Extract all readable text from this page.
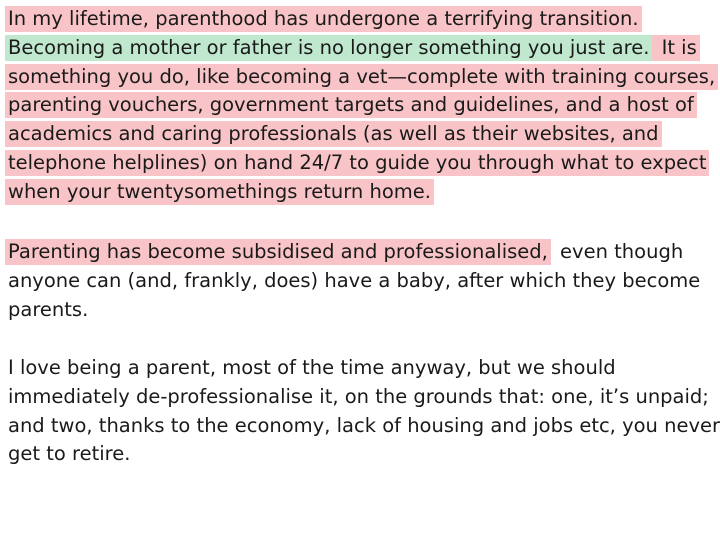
In my lifetime, parenthood has undergone a terrifying transition.
Becoming a mother or father is no longer something you just are. It is
something you do, like becoming a vet—complete with training courses,
parenting vouchers, government targets and guidelines, and a host of
academics and caring professionals (as well as their websites, and
telephone helplines) on hand 24/7 to guide you through what to expect
when your twentysomethings return home.
Parenting has become subsidised and professionalised, even though
anyone can (and, frankly, does) have a baby, after which they become
parents.
I love being a parent, most of the time anyway, but we should
immediately de-professionalise it, on the grounds that: one, it’s unpaid;
and two, thanks to the economy, lack of housing and jobs etc, you never
get to retire.
